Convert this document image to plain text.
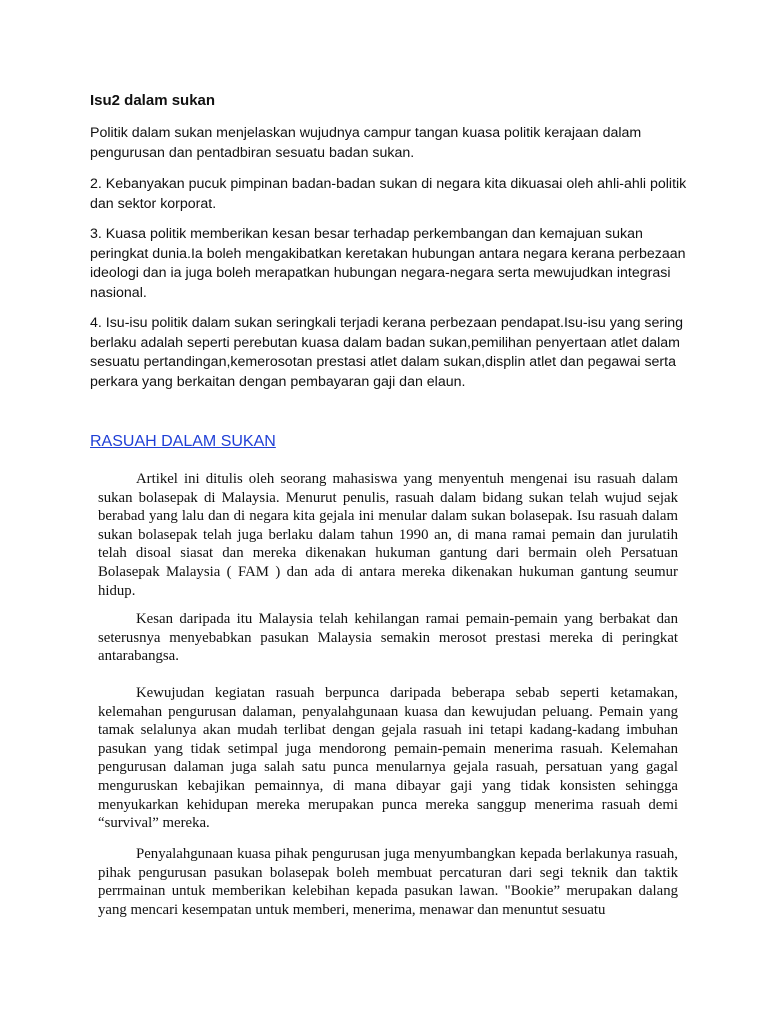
Isu2 dalam sukan

Politik dalam sukan menjelaskan wujudnya campur tangan kuasa politik kerajaan dalam pengurusan dan pentadbiran sesuatu badan sukan.

2. Kebanyakan pucuk pimpinan badan-badan sukan di negara kita dikuasai oleh ahli-ahli politik dan sektor korporat.

3. Kuasa politik memberikan kesan besar terhadap perkembangan dan kemajuan sukan peringkat dunia.Ia boleh mengakibatkan keretakan hubungan antara negara kerana perbezaan ideologi dan ia juga boleh merapatkan hubungan negara-negara serta mewujudkan integrasi nasional.

4. Isu-isu politik dalam sukan seringkali terjadi kerana perbezaan pendapat.Isu-isu yang sering berlaku adalah seperti perebutan kuasa dalam badan sukan,pemilihan penyertaan atlet dalam sesuatu pertandingan,kemerosotan prestasi atlet dalam sukan,displin atlet dan pegawai serta perkara yang berkaitan dengan pembayaran gaji dan elaun.

RASUAH DALAM SUKAN

Artikel ini ditulis oleh seorang mahasiswa yang menyentuh mengenai isu rasuah dalam sukan bolasepak di Malaysia. Menurut penulis, rasuah dalam bidang sukan telah wujud sejak berabad yang lalu dan di negara kita gejala ini menular dalam sukan bolasepak. Isu rasuah dalam sukan bolasepak telah juga berlaku dalam tahun 1990 an, di mana ramai pemain dan jurulatih telah disoal siasat dan mereka dikenakan hukuman gantung dari bermain oleh Persatuan Bolasepak Malaysia ( FAM ) dan ada di antara mereka dikenakan hukuman gantung seumur hidup.

Kesan daripada itu Malaysia telah kehilangan ramai pemain-pemain yang berbakat dan seterusnya menyebabkan pasukan Malaysia semakin merosot prestasi mereka di peringkat antarabangsa.

Kewujudan kegiatan rasuah berpunca daripada beberapa sebab seperti ketamakan, kelemahan pengurusan dalaman, penyalahgunaan kuasa dan kewujudan peluang. Pemain yang tamak selalunya akan mudah terlibat dengan gejala rasuah ini tetapi kadang-kadang imbuhan pasukan yang tidak setimpal juga mendorong pemain-pemain menerima rasuah. Kelemahan pengurusan dalaman juga salah satu punca menularnya gejala rasuah, persatuan yang gagal menguruskan kebajikan pemainnya, di mana dibayar gaji yang tidak konsisten sehingga menyukarkan kehidupan mereka merupakan punca mereka sanggup menerima rasuah demi “survival” mereka.

Penyalahgunaan kuasa pihak pengurusan juga menyumbangkan kepada berlakunya rasuah, pihak pengurusan pasukan bolasepak boleh membuat percaturan dari segi teknik dan taktik perrmainan untuk memberikan kelebihan kepada pasukan lawan. "Bookie” merupakan dalang yang mencari kesempatan untuk memberi, menerima, menawar dan menuntut sesuatu
